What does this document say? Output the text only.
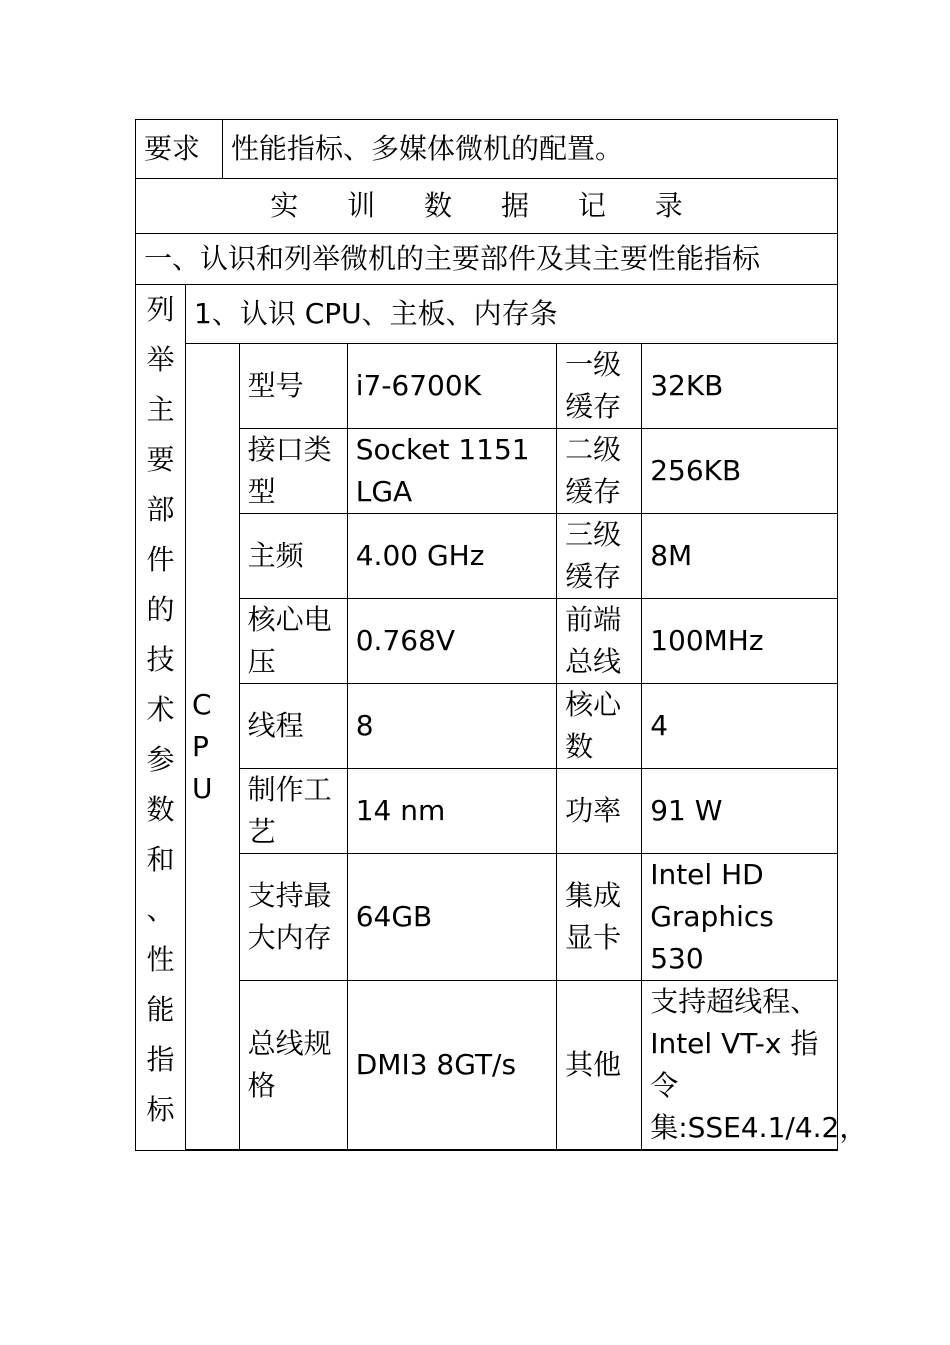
要求	性能指标、多媒体微机的配置。

实 训 数 据 记 录
一、认识和列举微机的主要部件及其主要性能指标

列
举
主
要
部
件
的
技
术
参
数
和
、
性
能
指
标
	1、认识 CPU、主板、内存条

CPU
	型号	i7-6700K	一级缓存	32KB
接口类型	Socket 1151 LGA	二级缓存	256KB
主频	4.00 GHz	三级缓存	8M
核心电压	0.768V	前端总线	100MHz
线程	8	核心数	4
制作工艺	14 nm	功率	91 W
支持最大内存	64GB	集成显卡	Intel HD Graphics 530
总线规格	DMI3 8GT/s	其他	支持超线程、Intel VT-x 指令集:SSE4.1/4.2，
